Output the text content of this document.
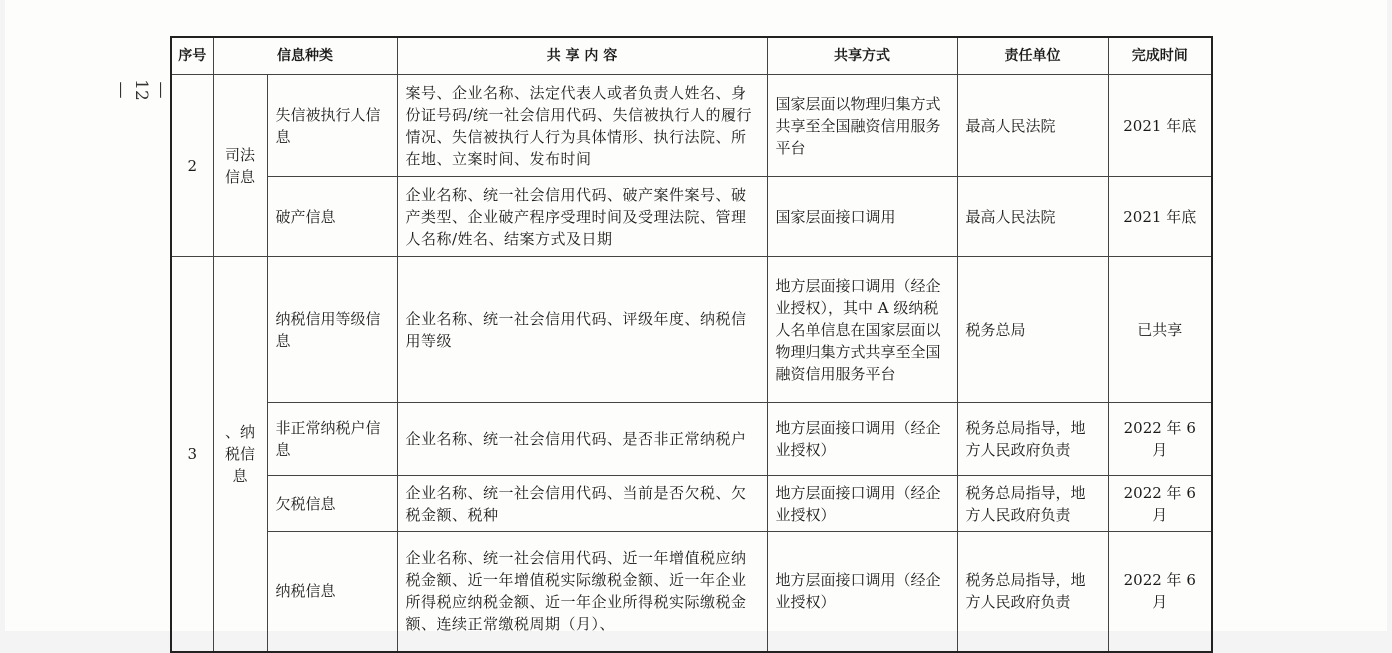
— 12 —
序号	信息种类		共 享 内 容	共享方式	责任单位	完成时间
2	司法信息	失信被执行人信息	案号、企业名称、法定代表人或者负责人姓名、身份证号码/统一社会信用代码、失信被执行人的履行情况、失信被执行人行为具体情形、执行法院、所在地、立案时间、发布时间	国家层面以物理归集方式共享至全国融资信用服务平台	最高人民法院	2021 年底
		破产信息	企业名称、统一社会信用代码、破产案件案号、破产类型、企业破产程序受理时间及受理法院、管理人名称/姓名、结案方式及日期	国家层面接口调用	最高人民法院	2021 年底
3	、纳税信息	纳税信用等级信息	企业名称、统一社会信用代码、评级年度、纳税信用等级	地方层面接口调用（经企业授权），其中 A 级纳税人名单信息在国家层面以物理归集方式共享至全国融资信用服务平台	税务总局	已共享
		非正常纳税户信息	企业名称、统一社会信用代码、是否非正常纳税户	地方层面接口调用（经企业授权）	税务总局指导，地方人民政府负责	2022 年 6 月
		欠税信息	企业名称、统一社会信用代码、当前是否欠税、欠税金额、税种	地方层面接口调用（经企业授权）	税务总局指导，地方人民政府负责	2022 年 6 月
		纳税信息	企业名称、统一社会信用代码、近一年增值税应纳税金额、近一年增值税实际缴税金额、近一年企业所得税应纳税金额、近一年企业所得税实际缴税金额、连续正常缴税周期（月）、	地方层面接口调用（经企业授权）	税务总局指导，地方人民政府负责	2022 年 6 月
